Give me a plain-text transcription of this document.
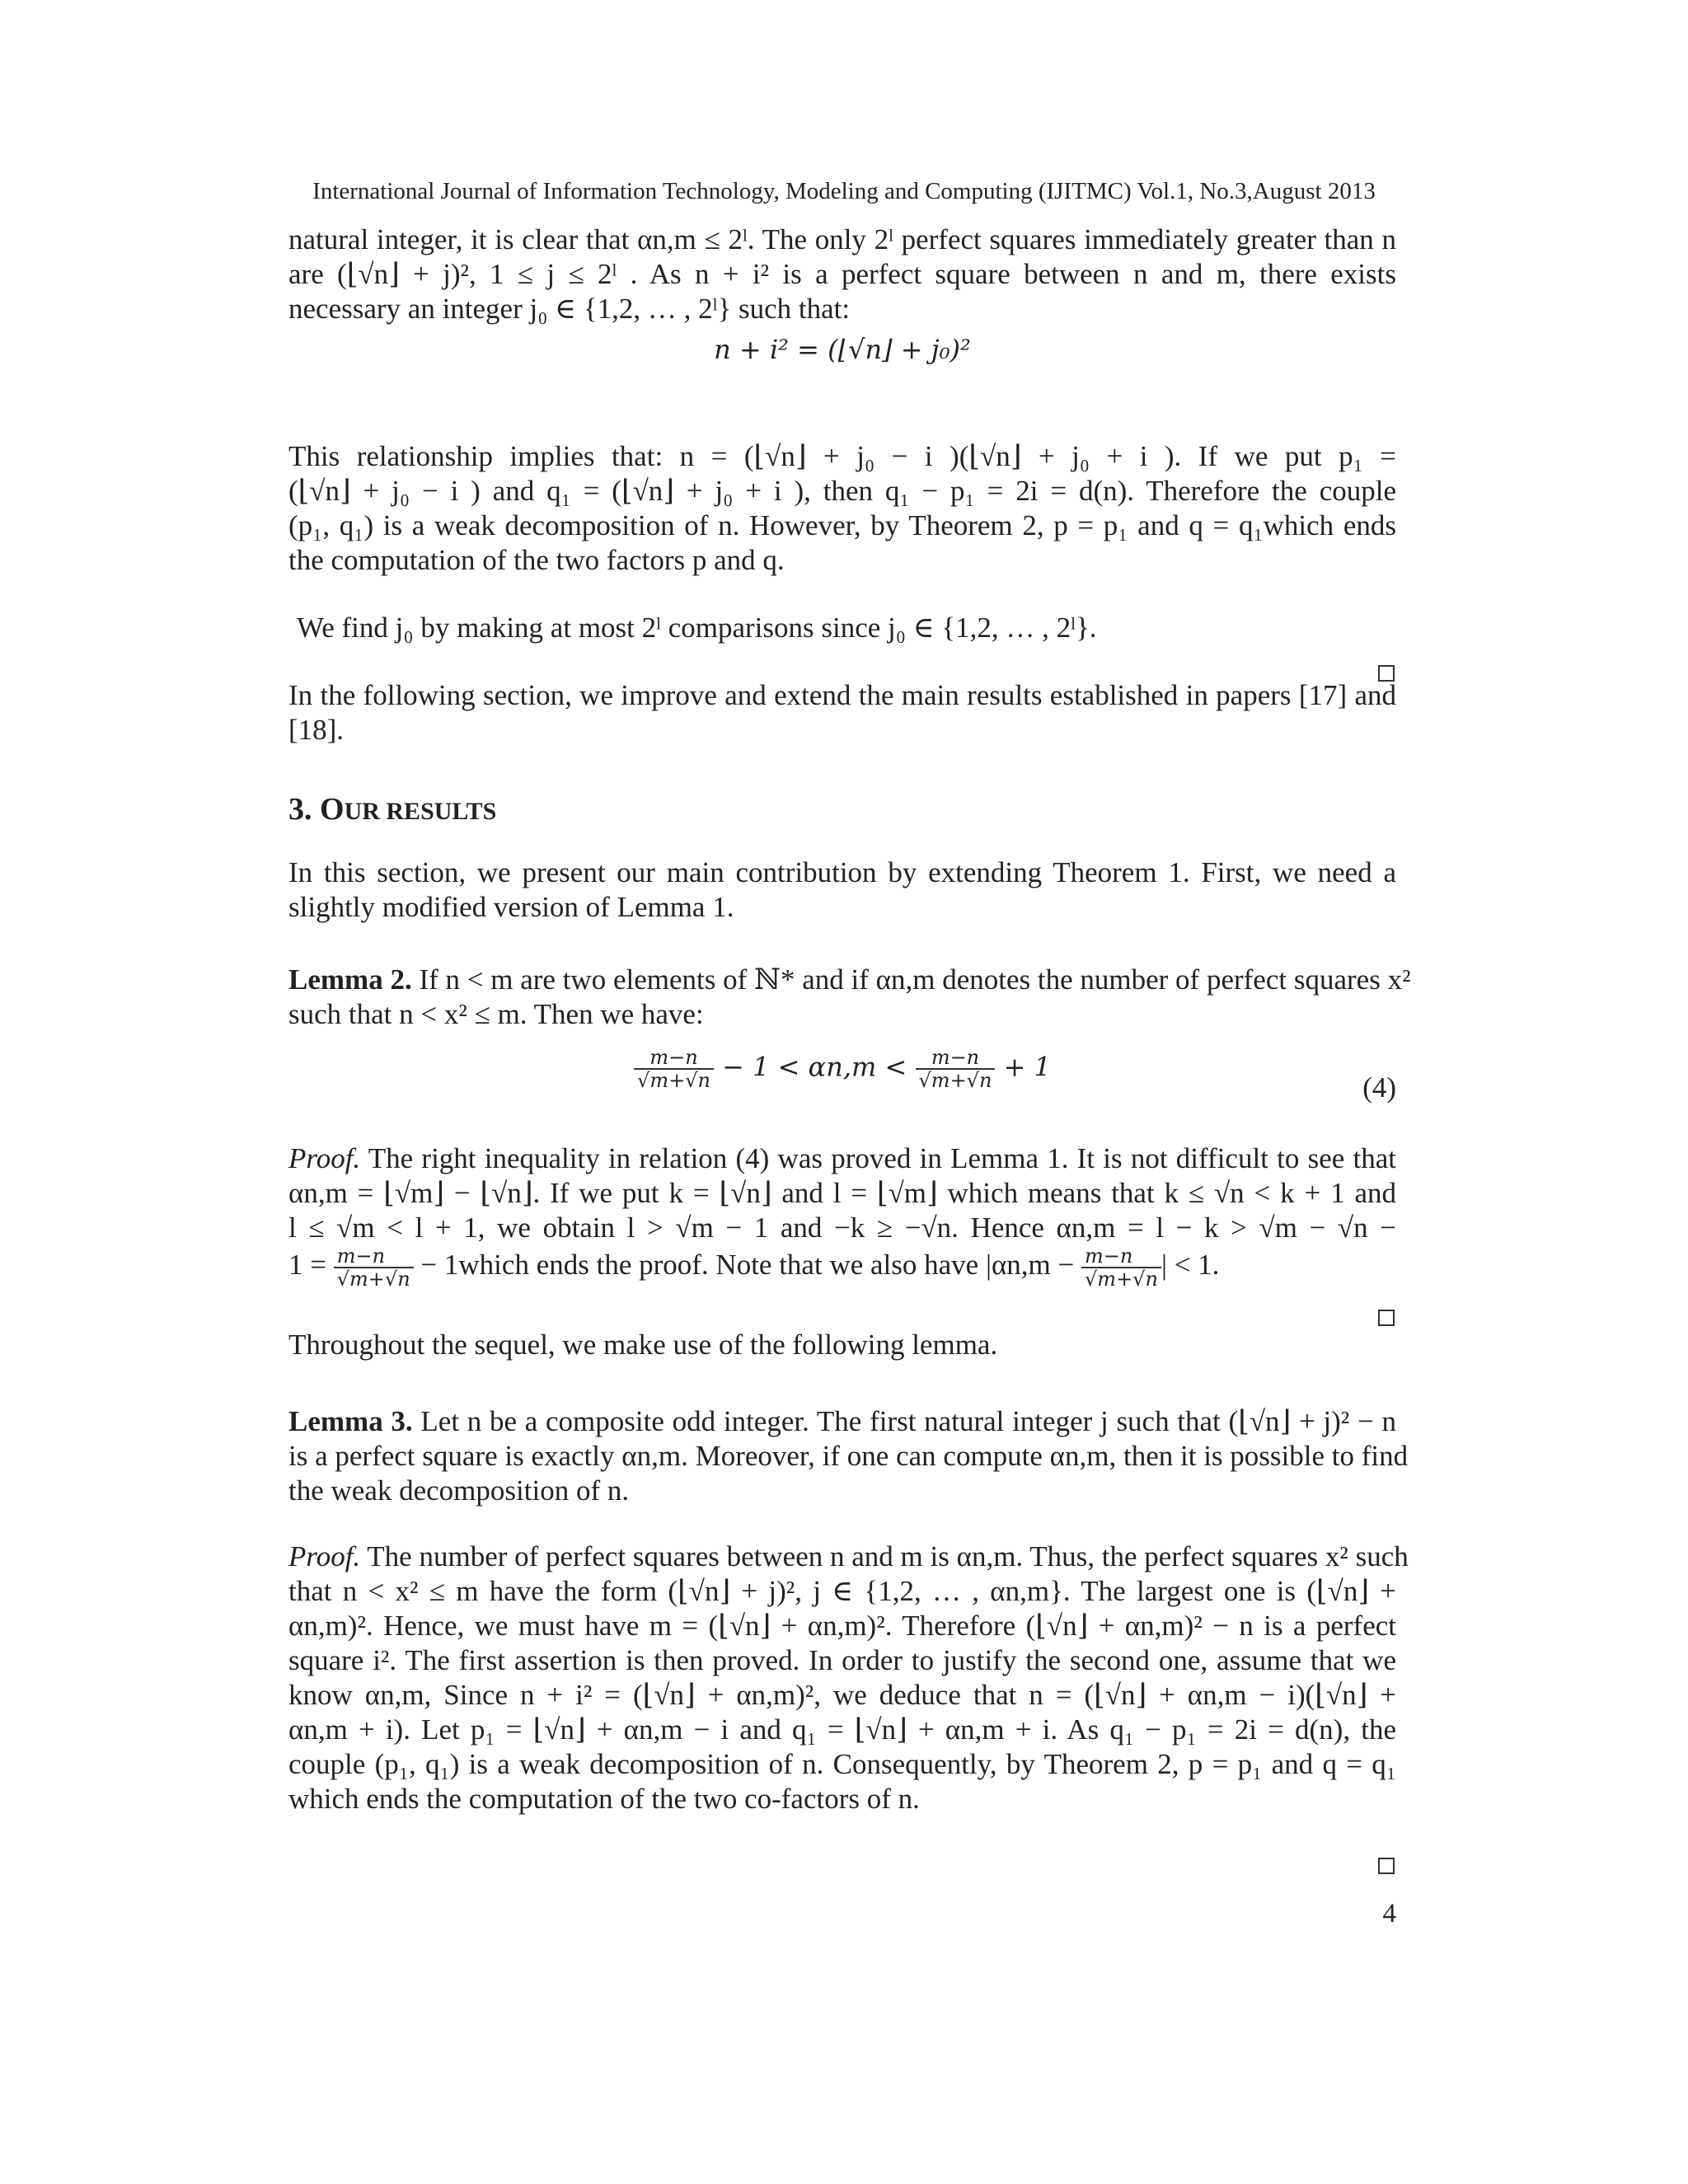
International Journal of Information Technology, Modeling and Computing (IJITMC) Vol.1, No.3,August 2013
natural integer, it is clear that αn,m ≤ 2ˡ. The only 2ˡ perfect squares immediately greater than n
are (⌊√n⌋ + j)², 1 ≤ j ≤ 2ˡ . As n + i² is a perfect square between n and m, there exists
necessary an integer j₀ ∈ {1,2, … , 2ˡ} such that:
n + i² = (⌊√n⌋ + j₀)²
This relationship implies that: n = (⌊√n⌋ + j₀ − i )(⌊√n⌋ + j₀ + i ). If we put p₁ =
(⌊√n⌋ + j₀ − i ) and q₁ = (⌊√n⌋ + j₀ + i ), then q₁ − p₁ = 2i = d(n). Therefore the couple
(p₁, q₁) is a weak decomposition of n. However, by Theorem 2, p = p₁ and q = q₁which ends
the computation of the two factors p and q.
We find j₀ by making at most 2ˡ comparisons since j₀ ∈ {1,2, … , 2ˡ}.
In the following section, we improve and extend the main results established in papers [17] and
[18].
3. OUR RESULTS
In this section, we present our main contribution by extending Theorem 1. First, we need a
slightly modified version of Lemma 1.
Lemma 2. If n < m are two elements of ℕ* and if αn,m denotes the number of perfect squares x²
such that n < x² ≤ m. Then we have:
$\frac{m-n}{√m+√n} - 1 < \alpha n,m < \frac{m-n}{√m+√n} + 1$
(4)
Proof. The right inequality in relation (4) was proved in Lemma 1. It is not difficult to see that
αn,m = ⌊√m⌋ − ⌊√n⌋. If we put k = ⌊√n⌋ and l = ⌊√m⌋ which means that k ≤ √n < k + 1 and
l ≤ √m < l + 1, we obtain l > √m − 1 and −k ≥ −√n. Hence αn,m = l − k > √m − √n −
$1 = \frac{m-n}{√m+√n}$ − 1which ends the proof. Note that we also have $|\alpha n,m - \frac{m-n}{√m+√n}$ | < 1.
Throughout the sequel, we make use of the following lemma.
Lemma 3. Let n be a composite odd integer. The first natural integer j such that (⌊√n⌋ + j)² − n
is a perfect square is exactly αn,m. Moreover, if one can compute αn,m, then it is possible to find
the weak decomposition of n.
Proof. The number of perfect squares between n and m is αn,m. Thus, the perfect squares x² such
that n < x² ≤ m have the form (⌊√n⌋ + j)², j ∈ {1,2, … , αn,m}. The largest one is (⌊√n⌋ +
αn,m)². Hence, we must have m = (⌊√n⌋ + αn,m)². Therefore (⌊√n⌋ + αn,m)² − n is a perfect
square i². The first assertion is then proved. In order to justify the second one, assume that we
know αn,m, Since n + i² = (⌊√n⌋ + αn,m)², we deduce that n = (⌊√n⌋ + αn,m − i)(⌊√n⌋ +
αn,m + i). Let p₁ = ⌊√n⌋ + αn,m − i and q₁ = ⌊√n⌋ + αn,m + i. As q₁ − p₁ = 2i = d(n), the
couple (p₁, q₁) is a weak decomposition of n. Consequently, by Theorem 2, p = p₁ and q = q₁
which ends the computation of the two co-factors of n.
4
